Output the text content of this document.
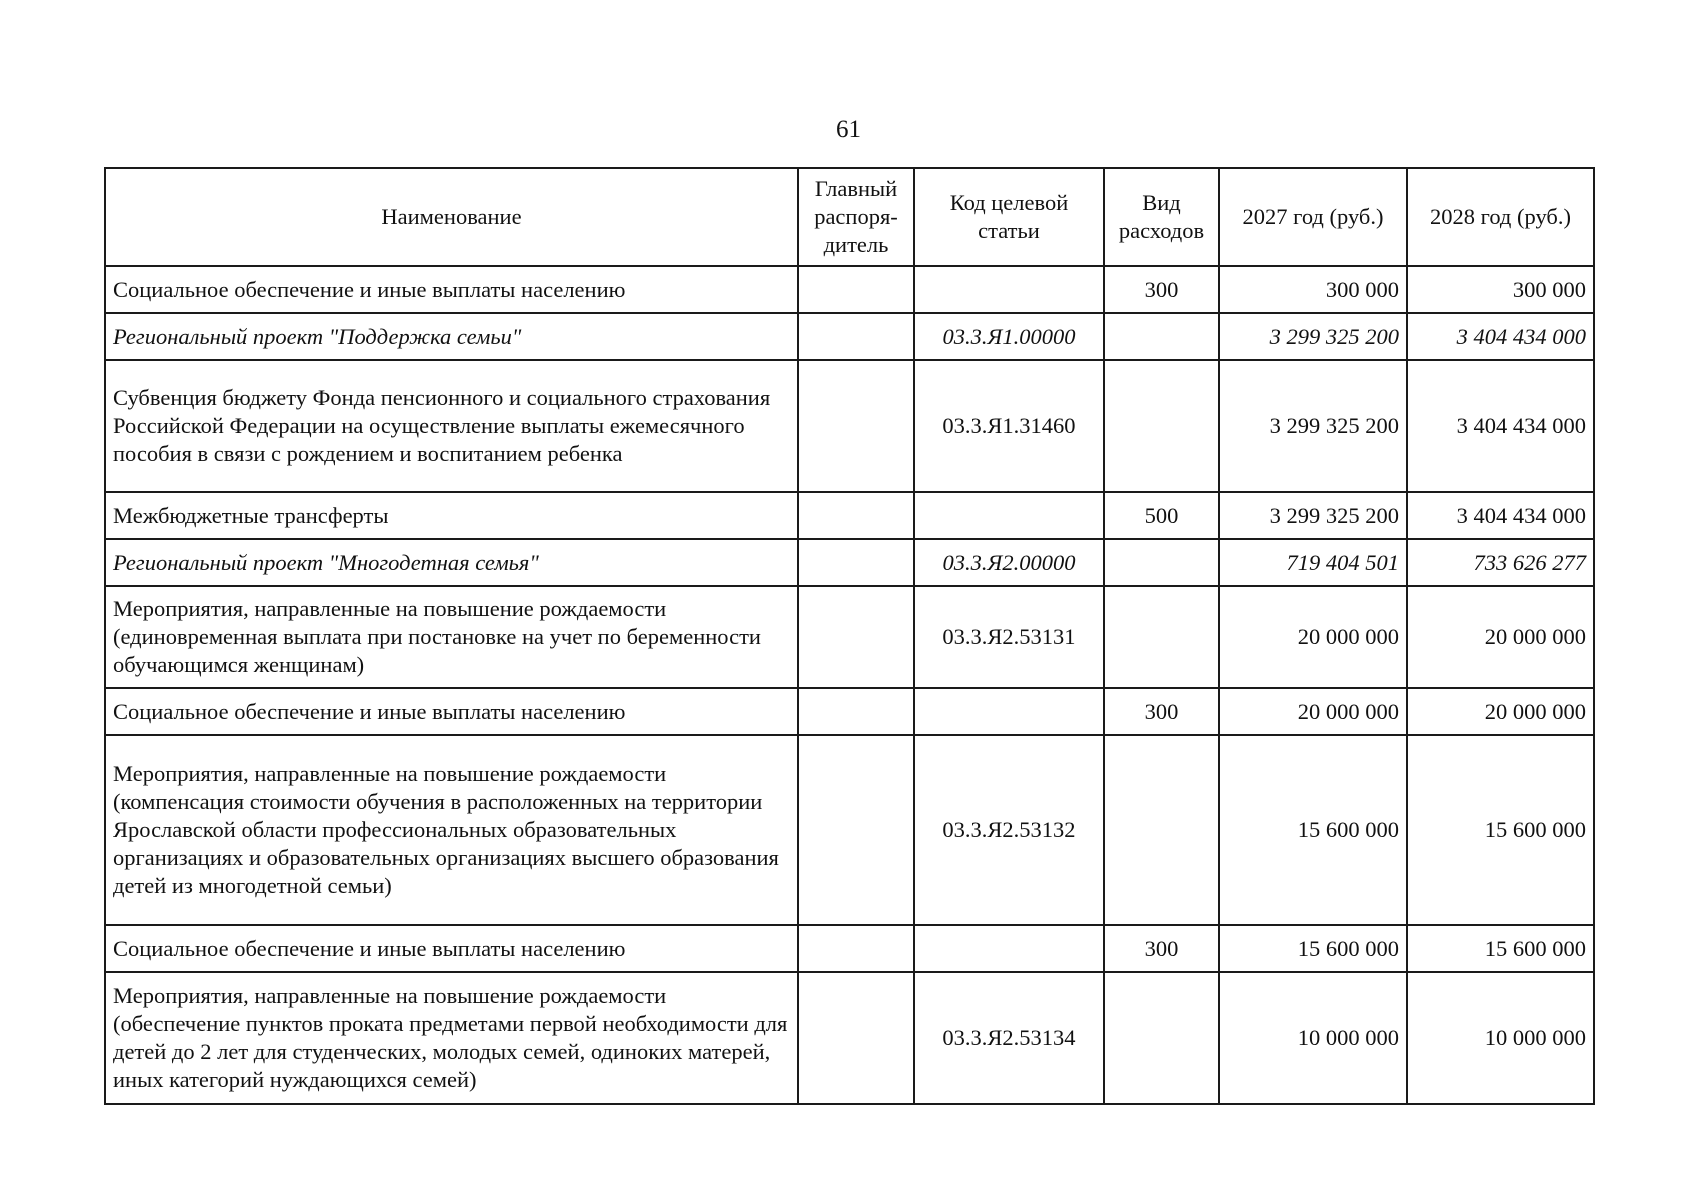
61
Наименование	Главный распоря-дитель	Код целевой статьи	Вид расходов	2027 год (руб.)	2028 год (руб.)
Социальное обеспечение и иные выплаты населению			300	300 000	300 000
Региональный проект "Поддержка семьи"		03.3.Я1.00000		3 299 325 200	3 404 434 000
Субвенция бюджету Фонда пенсионного и социального страхования Российской Федерации на осуществление выплаты ежемесячного пособия в связи с рождением и воспитанием ребенка		03.3.Я1.31460		3 299 325 200	3 404 434 000
Межбюджетные трансферты			500	3 299 325 200	3 404 434 000
Региональный проект "Многодетная семья"		03.3.Я2.00000		719 404 501	733 626 277
Мероприятия, направленные на повышение рождаемости (единовременная выплата при постановке на учет по беременности обучающимся женщинам)		03.3.Я2.53131		20 000 000	20 000 000
Социальное обеспечение и иные выплаты населению			300	20 000 000	20 000 000
Мероприятия, направленные на повышение рождаемости (компенсация стоимости обучения в расположенных на территории Ярославской области профессиональных образовательных организациях и образовательных организациях высшего образования детей из многодетной семьи)		03.3.Я2.53132		15 600 000	15 600 000
Социальное обеспечение и иные выплаты населению			300	15 600 000	15 600 000
Мероприятия, направленные на повышение рождаемости (обеспечение пунктов проката предметами первой необходимости для детей до 2 лет для студенческих, молодых семей, одиноких матерей, иных категорий нуждающихся семей)		03.3.Я2.53134		10 000 000	10 000 000
